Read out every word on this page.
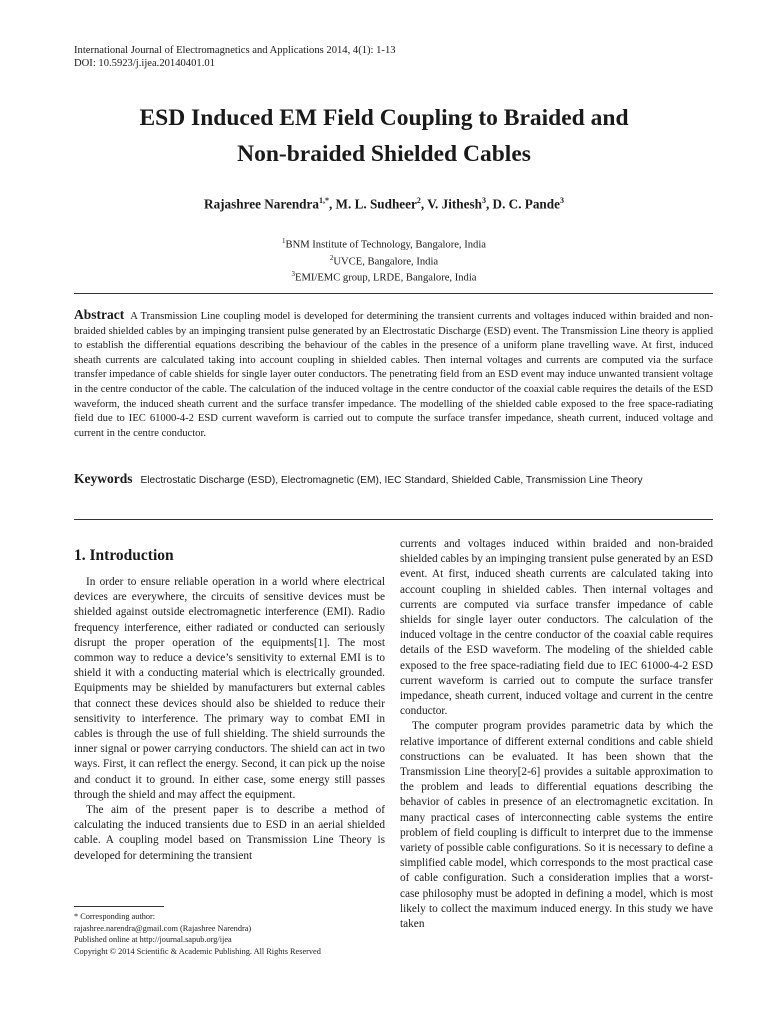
International Journal of Electromagnetics and Applications 2014, 4(1): 1-13
DOI: 10.5923/j.ijea.20140401.01
ESD Induced EM Field Coupling to Braided and
Non-braided Shielded Cables
Rajashree Narendra$^{1,*}$, M. L. Sudheer$^2$, V. Jithesh$^3$, D. C. Pande$^3$
$^1$BNM Institute of Technology, Bangalore, India
$^2$UVCE, Bangalore, India
$^3$EMI/EMC group, LRDE, Bangalore, India
Abstract A Transmission Line coupling model is developed for determining the transient currents and voltages induced within braided and non-braided shielded cables by an impinging transient pulse generated by an Electrostatic Discharge (ESD) event. The Transmission Line theory is applied to establish the differential equations describing the behaviour of the cables in the presence of a uniform plane travelling wave. At first, induced sheath currents are calculated taking into account coupling in shielded cables. Then internal voltages and currents are computed via the surface transfer impedance of cable shields for single layer outer conductors. The penetrating field from an ESD event may induce unwanted transient voltage in the centre conductor of the cable. The calculation of the induced voltage in the centre conductor of the coaxial cable requires the details of the ESD waveform, the induced sheath current and the surface transfer impedance. The modelling of the shielded cable exposed to the free space-radiating field due to IEC 61000-4-2 ESD current waveform is carried out to compute the surface transfer impedance, sheath current, induced voltage and current in the centre conductor.
Keywords Electrostatic Discharge (ESD), Electromagnetic (EM), IEC Standard, Shielded Cable, Transmission Line Theory
1. Introduction

In order to ensure reliable operation in a world where electrical devices are everywhere, the circuits of sensitive devices must be shielded against outside electromagnetic interference (EMI). Radio frequency interference, either radiated or conducted can seriously disrupt the proper operation of the equipments[1]. The most common way to reduce a device’s sensitivity to external EMI is to shield it with a conducting material which is electrically grounded. Equipments may be shielded by manufacturers but external cables that connect these devices should also be shielded to reduce their sensitivity to interference. The primary way to combat EMI in cables is through the use of full shielding. The shield surrounds the inner signal or power carrying conductors. The shield can act in two ways. First, it can reflect the energy. Second, it can pick up the noise and conduct it to ground. In either case, some energy still passes through the shield and may affect the equipment.

The aim of the present paper is to describe a method of calculating the induced transients due to ESD in an aerial shielded cable. A coupling model based on Transmission Line Theory is developed for determining the transient

currents and voltages induced within braided and non-braided shielded cables by an impinging transient pulse generated by an ESD event. At first, induced sheath currents are calculated taking into account coupling in shielded cables. Then internal voltages and currents are computed via surface transfer impedance of cable shields for single layer outer conductors. The calculation of the induced voltage in the centre conductor of the coaxial cable requires details of the ESD waveform. The modeling of the shielded cable exposed to the free space-radiating field due to IEC 61000-4-2 ESD current waveform is carried out to compute the surface transfer impedance, sheath current, induced voltage and current in the centre conductor.

The computer program provides parametric data by which the relative importance of different external conditions and cable shield constructions can be evaluated. It has been shown that the Transmission Line theory[2-6] provides a suitable approximation to the problem and leads to differential equations describing the behavior of cables in presence of an electromagnetic excitation. In many practical cases of interconnecting cable systems the entire problem of field coupling is difficult to interpret due to the immense variety of possible cable configurations. So it is necessary to define a simplified cable model, which corresponds to the most practical case of cable configuration. Such a consideration implies that a worst-case philosophy must be adopted in defining a model, which is most likely to collect the maximum induced energy. In this study we have taken

* Corresponding author:
rajashree.narendra@gmail.com (Rajashree Narendra)
Published online at http://journal.sapub.org/ijea
Copyright © 2014 Scientific & Academic Publishing. All Rights Reserved
